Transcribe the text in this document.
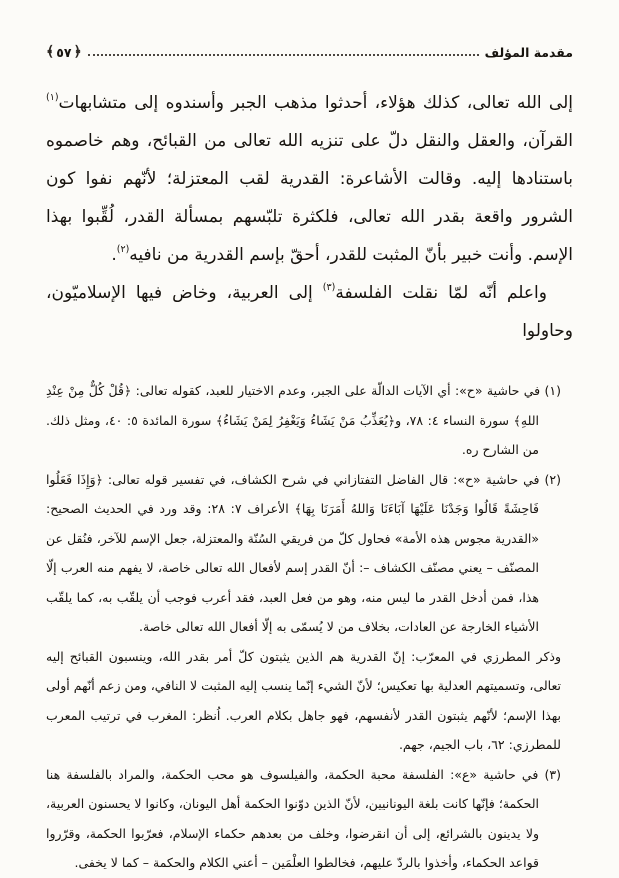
مقدمة المؤلف
﴾ ٥٧ ﴿

إلى الله تعالى، كذلك هؤلاء، أحدثوا مذهب الجبر وأسندوه إلى متشابهات$^{(١)}$ القرآن، والعقل والنقل دلّ على تنزيه الله تعالى من القبائح، وهم خاصموه باستنادها إليه. وقالت الأشاعرة: القدرية لقب المعتزلة؛ لأنّهم نفوا كون الشرور واقعة بقدر الله تعالى، فلكثرة تلبّسهم بمسألة القدر، لُقِّبوا بهذا الإسم. وأنت خبير بأنّ المثبت للقدر، أحقّ بإسم القدرية من نافيه$^{(٢)}$.

واعلم أنّه لمّا نقلت الفلسفة$^{(٣)}$ إلى العربية، وخاض فيها الإسلاميّون، وحاولوا

(١) في حاشية «ح»: أي الآيات الدالّة على الجبر، وعدم الاختيار للعبد، كقوله تعالى: ﴿قُلْ كُلٌّ مِنْ عِنْدِ اللهِ﴾ سورة النساء ٤: ٧٨، و﴿يُعَذِّبُ مَنْ يَشَاءُ وَيَغْفِرُ لِمَنْ يَشَاءُ﴾ سورة المائدة ٥: ٤٠، ومثل ذلك. من الشارح ره.

(٢) في حاشية «ح»: قال الفاضل التفتازاني في شرح الكشاف، في تفسير قوله تعالى: ﴿وَإِذَا فَعَلُوا فَاحِشَةً قَالُوا وَجَدْنَا عَلَيْهَا آبَاءَنَا وَاللهُ أَمَرَنَا بِهَا﴾ الأعراف ٧: ٢٨: وقد ورد في الحديث الصحيح: «القدرية مجوس هذه الأمة» فحاول كلّ من فريقي السُنّة والمعتزلة، جعل الإسم للآخر، فنُقل عن المصنّف – يعني مصنّف الكشاف –: أنّ القدر إسم لأفعال الله تعالى خاصة، لا يفهم منه العرب إلّا هذا، فمن أدخل القدر ما ليس منه، وهو من فعل العبد، فقد أعرب فوجب أن يلقّب به، كما يلقّب الأشياء الخارجة عن العادات، بخلاف من لا يُسمّى به إلّا أفعال الله تعالى خاصة.

وذكر المطرزي في المعرّب: إنّ القدرية هم الذين يثبتون كلّ أمر بقدر الله، وينسبون القبائح إليه تعالى، وتسميتهم العدلية بها تعكيس؛ لأنّ الشيء إنّما ينسب إليه المثبت لا النافي، ومن زعم أنّهم أولى بهذا الإسم؛ لأنّهم يثبتون القدر لأنفسهم، فهو جاهل بكلام العرب. اُنظر: المغرب في ترتيب المعرب للمطرزي: ٦٢، باب الجيم، جهم.

(٣) في حاشية «ع»: الفلسفة محبة الحكمة، والفيلسوف هو محب الحكمة، والمراد بالفلسفة هنا الحكمة؛ فإنّها كانت بلغة اليونانيين، لأنّ الذين دوّنوا الحكمة أهل اليونان، وكانوا لا يحسنون العربية، ولا يدينون بالشرائع، إلى أن انقرضوا، وخلف من بعدهم حكماء الإسلام، فعرّبوا الحكمة، وقرّروا قواعد الحكماء، وأخذوا بالردّ عليهم، فخالطوا العلْمَين – أعني الكلام والحكمة – كما لا يخفى.
